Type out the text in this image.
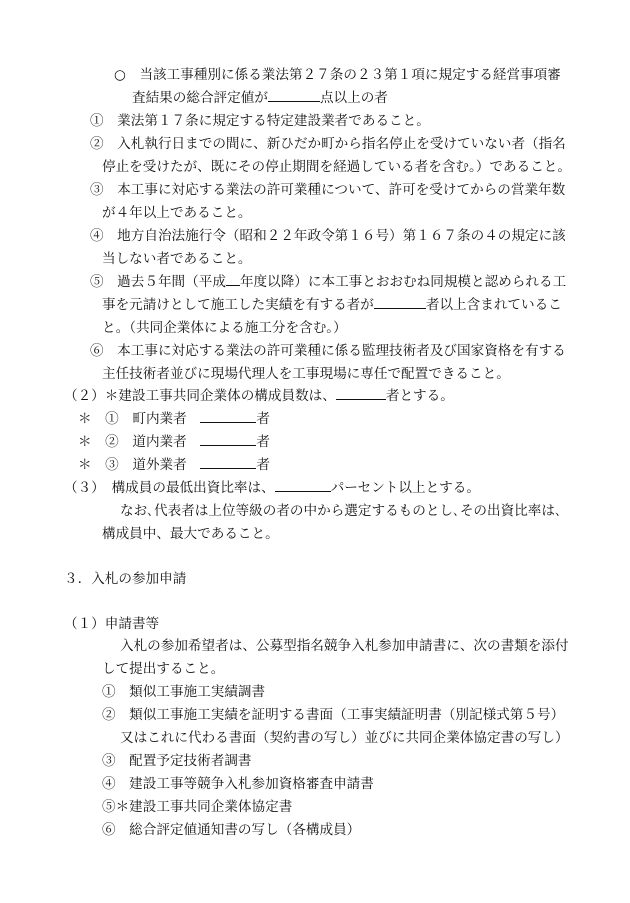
○　当該工事種別に係る業法第２７条の２３第１項に規定する経営事項審
査結果の総合評定値が	点以上の者
①　業法第１７条に規定する特定建設業者であること。
②　入札執行日までの間に、新ひだか町から指名停止を受けていない者（指名
停止を受けたが、既にその停止期間を経過している者を含む。）であること。
③　本工事に対応する業法の許可業種について、許可を受けてからの営業年数
が４年以上であること。
④　地方自治法施行令（昭和２２年政令第１６号）第１６７条の４の規定に該
当しない者であること。
⑤　過去５年間（平成 年度以降）に本工事とおおむね同規模と認められる工
事を元請けとして施工した実績を有する者が	者以上含まれているこ
と。（共同企業体による施工分を含む。）
⑥　本工事に対応する業法の許可業種に係る監理技術者及び国家資格を有する
主任技術者並びに現場代理人を工事現場に専任で配置できること。
（２）＊建設工事共同企業体の構成員数は、	者とする。
＊　①　町内業者　	者
＊　②　道内業者　	者
＊　③　道外業者　	者
（３）　構成員の最低出資比率は、	パーセント以上とする。
なお､代表者は上位等級の者の中から選定するものとし､その出資比率は､
構成員中、最大であること。
３．入札の参加申請
（１）申請書等
入札の参加希望者は、公募型指名競争入札参加申請書に、次の書類を添付
して提出すること。
①　類似工事施工実績調書
②　類似工事施工実績を証明する書面（工事実績証明書（別記様式第５号）
又はこれに代わる書面（契約書の写し）並びに共同企業体協定書の写し）
③　配置予定技術者調書
④　建設工事等競争入札参加資格審査申請書
⑤＊建設工事共同企業体協定書
⑥　総合評定値通知書の写し（各構成員）
